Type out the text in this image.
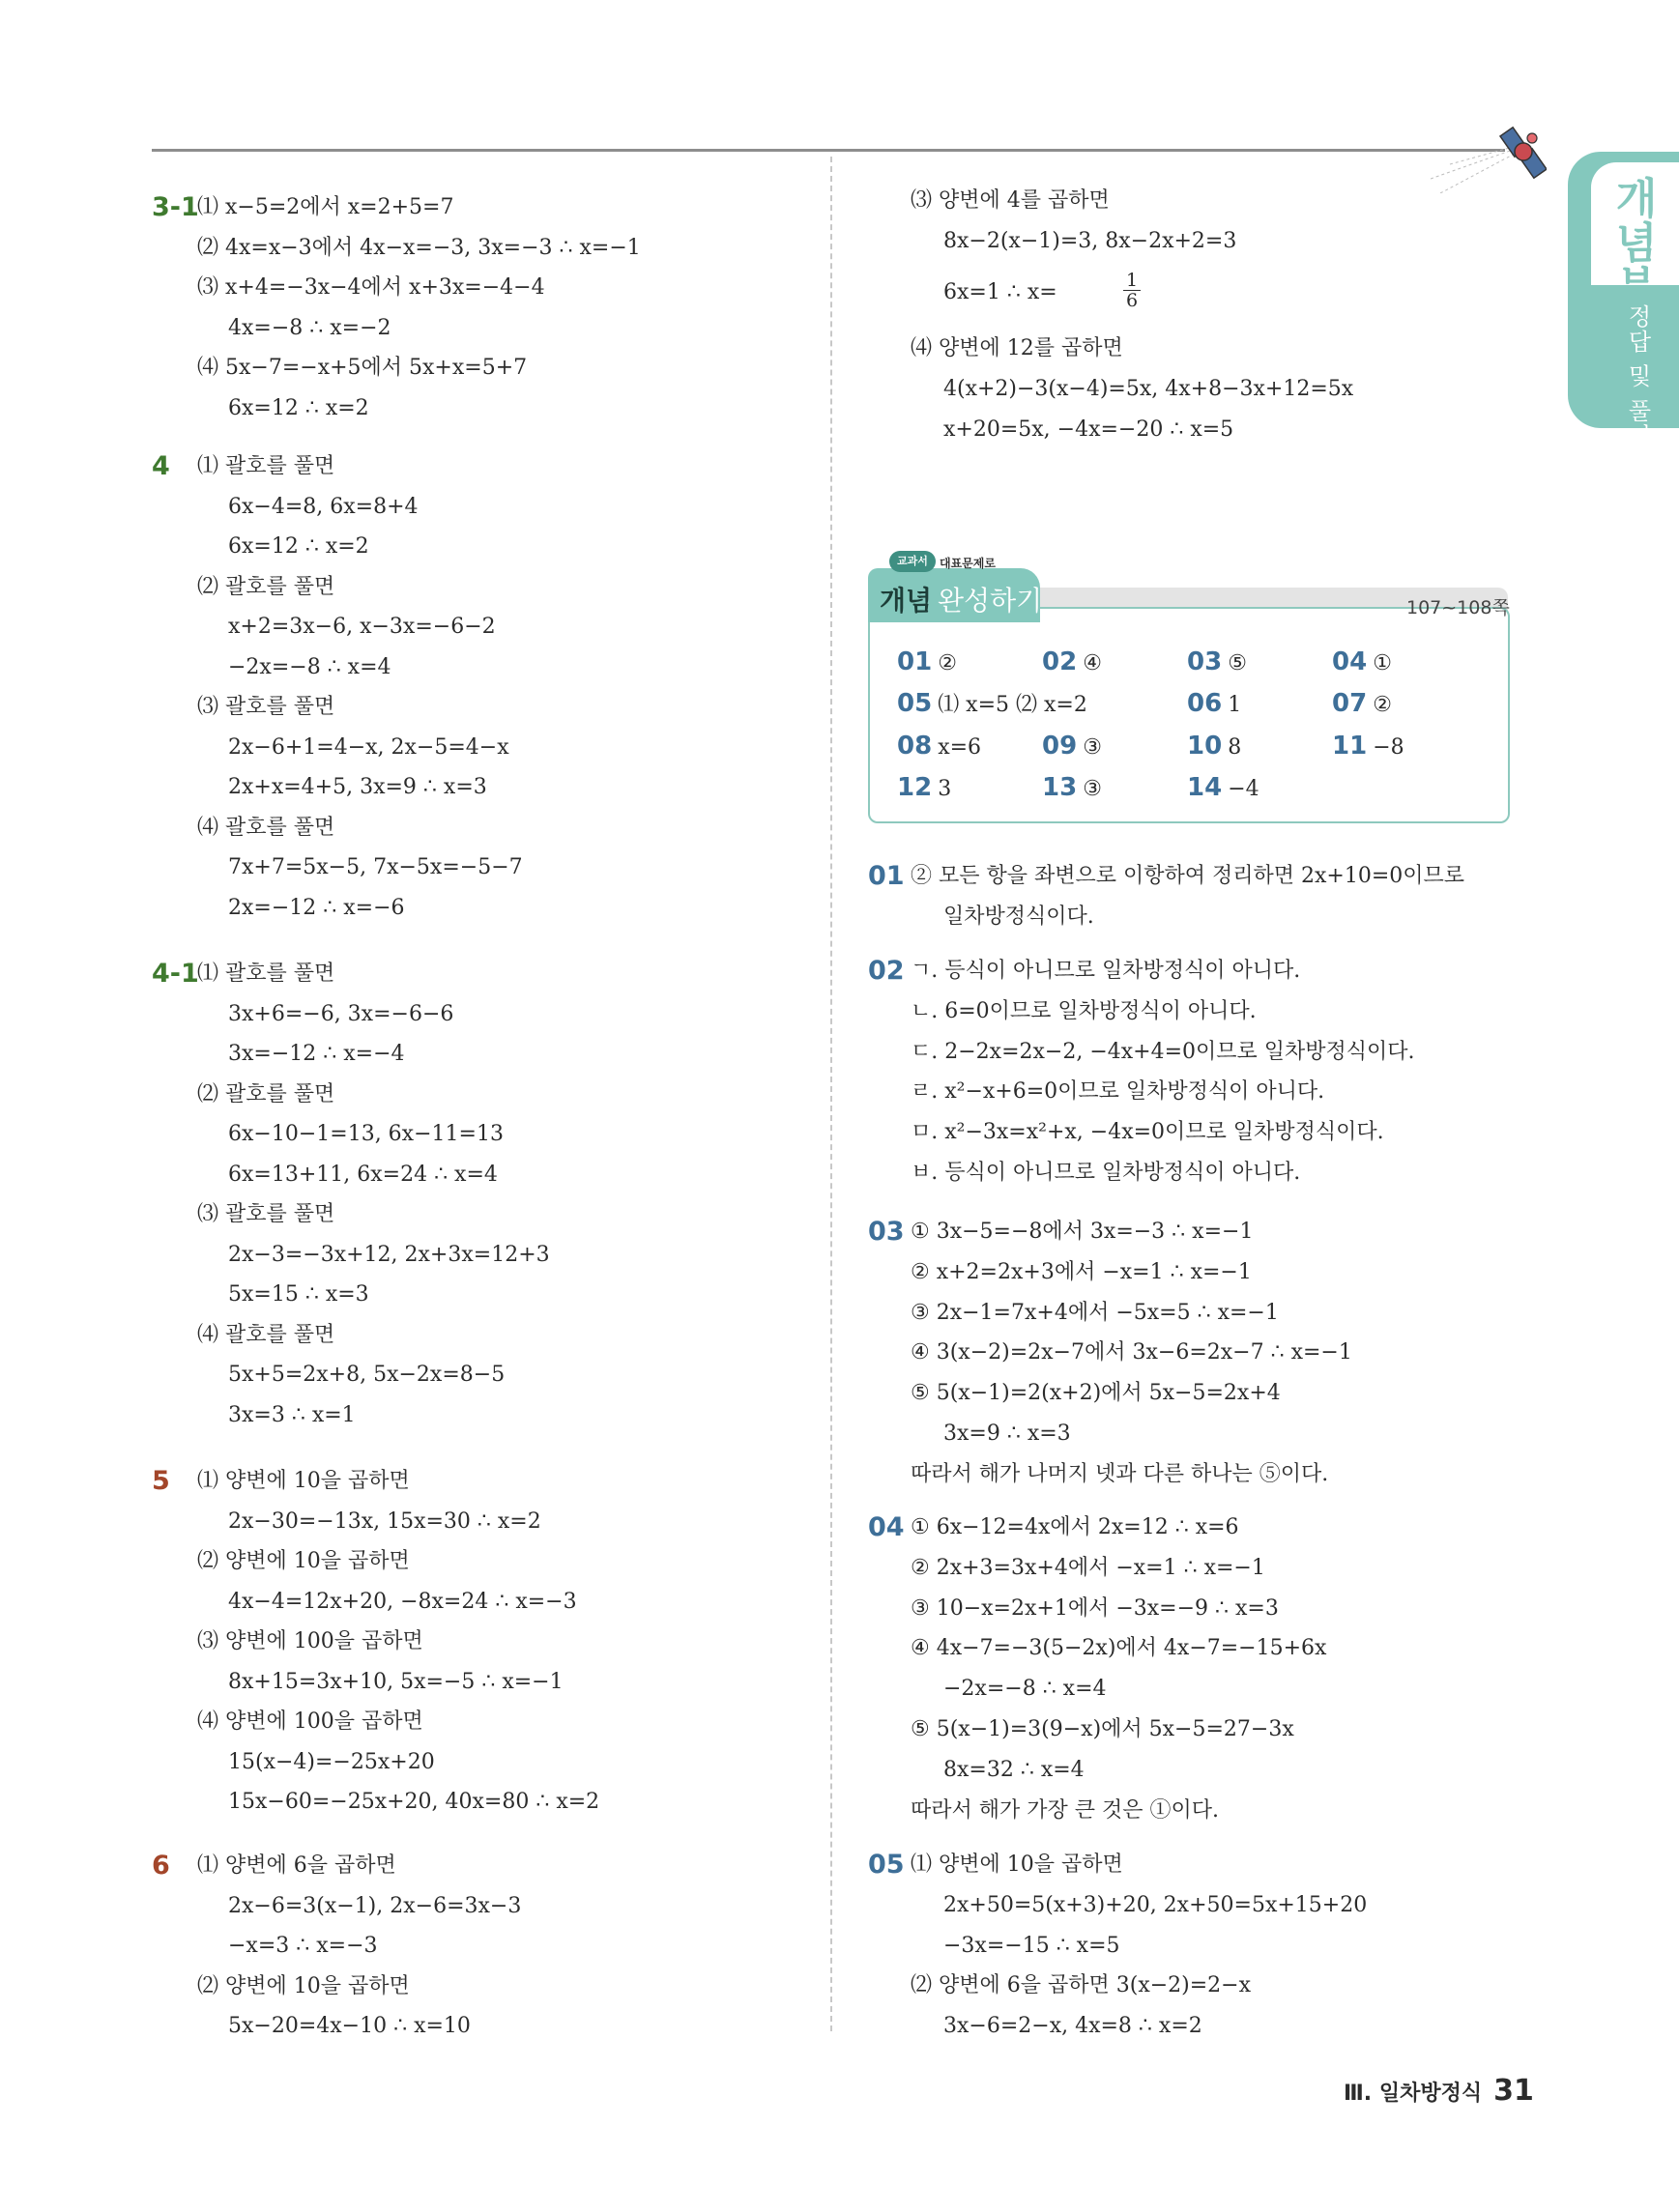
개념북
정답 및 풀이
3-1
⑴ x−5=2에서 x=2+5=7
⑵ 4x=x−3에서 4x−x=−3, 3x=−3 ∴ x=−1
⑶ x+4=−3x−4에서 x+3x=−4−4
4x=−8 ∴ x=−2
⑷ 5x−7=−x+5에서 5x+x=5+7
6x=12 ∴ x=2
4 ⑴ 괄호를 풀면
6x−4=8, 6x=8+4
6x=12 ∴ x=2
⑵ 괄호를 풀면
x+2=3x−6, x−3x=−6−2
−2x=−8 ∴ x=4
⑶ 괄호를 풀면
2x−6+1=4−x, 2x−5=4−x
2x+x=4+5, 3x=9 ∴ x=3
⑷ 괄호를 풀면
7x+7=5x−5, 7x−5x=−5−7
2x=−12 ∴ x=−6
4-1
⑴ 괄호를 풀면
3x+6=−6, 3x=−6−6
3x=−12 ∴ x=−4
⑵ 괄호를 풀면
6x−10−1=13, 6x−11=13
6x=13+11, 6x=24 ∴ x=4
⑶ 괄호를 풀면
2x−3=−3x+12, 2x+3x=12+3
5x=15 ∴ x=3
⑷ 괄호를 풀면
5x+5=2x+8, 5x−2x=8−5
3x=3 ∴ x=1
5 ⑴ 양변에 10을 곱하면
2x−30=−13x, 15x=30 ∴ x=2
⑵ 양변에 10을 곱하면
4x−4=12x+20, −8x=24 ∴ x=−3
⑶ 양변에 100을 곱하면
8x+15=3x+10, 5x=−5 ∴ x=−1
⑷ 양변에 100을 곱하면
15(x−4)=−25x+20
15x−60=−25x+20, 40x=80 ∴ x=2
6 ⑴ 양변에 6을 곱하면
2x−6=3(x−1), 2x−6=3x−3
−x=3 ∴ x=−3
⑵ 양변에 10을 곱하면
5x−20=4x−10 ∴ x=10
⑶ 양변에 4를 곱하면
8x−2(x−1)=3, 8x−2x+2=3
6x=1 ∴ x=	$\frac{1}{6}$
⑷ 양변에 12를 곱하면
4(x+2)−3(x−4)=5x, 4x+8−3x+12=5x
x+20=5x, −4x=−20 ∴ x=5
교과서	대표문제로
개념 완성하기	107~108쪽
01 ②	02 ④	03 ⑤	04 ①
05 ⑴ x=5 ⑵ x=2	06 1	07 ②
08 x=6 09 ③	10 8	11 −8
12 3	13 ③	14 −4
01 ② 모든 항을 좌변으로 이항하여 정리하면 2x+10=0이므로
일차방정식이다.
02 ㄱ. 등식이 아니므로 일차방정식이 아니다.
ㄴ. 6=0이므로 일차방정식이 아니다.
ㄷ. 2−2x=2x−2, −4x+4=0이므로 일차방정식이다.
ㄹ. x²−x+6=0이므로 일차방정식이 아니다.
ㅁ. x²−3x=x²+x, −4x=0이므로 일차방정식이다.
ㅂ. 등식이 아니므로 일차방정식이 아니다.
03 ① 3x−5=−8에서 3x=−3 ∴ x=−1
② x+2=2x+3에서 −x=1 ∴ x=−1
③ 2x−1=7x+4에서 −5x=5 ∴ x=−1
④ 3(x−2)=2x−7에서 3x−6=2x−7 ∴ x=−1
⑤ 5(x−1)=2(x+2)에서 5x−5=2x+4
3x=9 ∴ x=3
따라서 해가 나머지 넷과 다른 하나는 ⑤이다.
04 ① 6x−12=4x에서 2x=12 ∴ x=6
② 2x+3=3x+4에서 −x=1 ∴ x=−1
③ 10−x=2x+1에서 −3x=−9 ∴ x=3
④ 4x−7=−3(5−2x)에서 4x−7=−15+6x
−2x=−8 ∴ x=4
⑤ 5(x−1)=3(9−x)에서 5x−5=27−3x
8x=32 ∴ x=4
따라서 해가 가장 큰 것은 ①이다.
05 ⑴ 양변에 10을 곱하면
2x+50=5(x+3)+20, 2x+50=5x+15+20
−3x=−15 ∴ x=5
⑵ 양변에 6을 곱하면 3(x−2)=2−x
3x−6=2−x, 4x=8 ∴ x=2
Ⅲ. 일차방정식 31
